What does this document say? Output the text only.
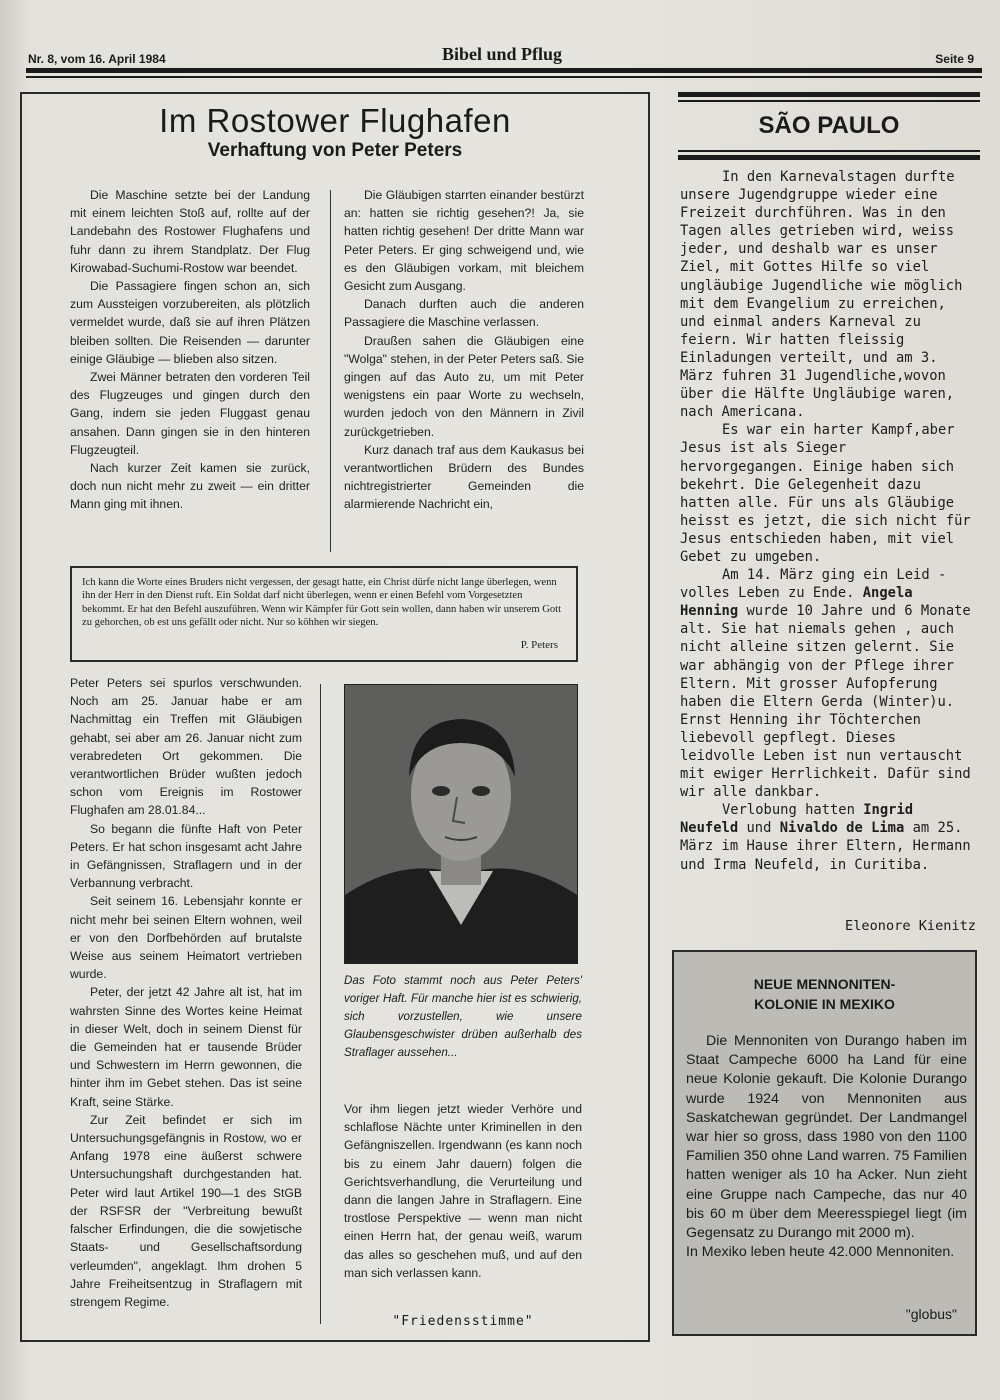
Nr. 8, vom 16. April 1984	Bibel und Pflug	Seite 9
Im Rostower Flughafen
Verhaftung von Peter Peters

Die Maschine setzte bei der Landung mit einem leichten Stoß auf, rollte auf der Landebahn des Rostower Flughafens und fuhr dann zu ihrem Standplatz. Der Flug Kirowabad-Suchumi-Rostow war beendet.

Die Passagiere fingen schon an, sich zum Aussteigen vorzubereiten, als plötzlich vermeldet wurde, daß sie auf ihren Plätzen bleiben sollten. Die Reisenden — darunter einige Gläubige — blieben also sitzen.

Zwei Männer betraten den vorderen Teil des Flugzeuges und gingen durch den Gang, indem sie jeden Fluggast genau ansahen. Dann gingen sie in den hinteren Flugzeugteil.

Nach kurzer Zeit kamen sie zurück, doch nun nicht mehr zu zweit — ein dritter Mann ging mit ihnen.

Die Gläubigen starrten einander bestürzt an: hatten sie richtig gesehen?! Ja, sie hatten richtig gesehen! Der dritte Mann war Peter Peters. Er ging schweigend und, wie es den Gläubigen vorkam, mit bleichem Gesicht zum Ausgang.

Danach durften auch die anderen Passagiere die Maschine verlassen.

Draußen sahen die Gläubigen eine "Wolga" stehen, in der Peter Peters saß. Sie gingen auf das Auto zu, um mit Peter wenigstens ein paar Worte zu wechseln, wurden jedoch von den Männern in Zivil zurückgetrieben.

Kurz danach traf aus dem Kaukasus bei verantwortlichen Brüdern des Bundes nichtregistrierter Gemeinden die alarmierende Nachricht ein,

Ich kann die Worte eines Bruders nicht vergessen, der gesagt hatte, ein Christ dürfe nicht lange überlegen, wenn ihn der Herr in den Dienst ruft. Ein Soldat darf nicht überlegen, wenn er einen Befehl vom Vorgesetzten bekommt. Er hat den Befehl auszuführen. Wenn wir Kämpfer für Gott sein wollen, dann haben wir unserem Gott zu gehorchen, ob est uns gefällt oder nicht. Nur so köhhen wir siegen.
P. Peters

Peter Peters sei spurlos verschwunden. Noch am 25. Januar habe er am Nachmittag ein Treffen mit Gläubigen gehabt, sei aber am 26. Januar nicht zum verabredeten Ort gekommen. Die verantwortlichen Brüder wußten jedoch schon vom Ereignis im Rostower Flughafen am 28.01.84...

So begann die fünfte Haft von Peter Peters. Er hat schon insgesamt acht Jahre in Gefängnissen, Straflagern und in der Verbannung verbracht.

Seit seinem 16. Lebensjahr konnte er nicht mehr bei seinen Eltern wohnen, weil er von den Dorfbehörden auf brutalste Weise aus seinem Heimatort vertrieben wurde.

Peter, der jetzt 42 Jahre alt ist, hat im wahrsten Sinne des Wortes keine Heimat in dieser Welt, doch in seinem Dienst für die Gemeinden hat er tausende Brüder und Schwestern im Herrn gewonnen, die hinter ihm im Gebet stehen. Das ist seine Kraft, seine Stärke.

Zur Zeit befindet er sich im Untersuchungsgefängnis in Rostow, wo er Anfang 1978 eine äußerst schwere Untersuchungshaft durchgestanden hat. Peter wird laut Artikel 190—1 des StGB der RSFSR der "Verbreitung bewußt falscher Erfindungen, die die sowjetische Staats- und Gesellschaftsordung verleumden", angeklagt. Ihm drohen 5 Jahre Freiheitsentzug in Straflagern mit strengem Regime.

Das Foto stammt noch aus Peter Peters' voriger Haft. Für manche hier ist es schwierig, sich vorzustellen, wie unsere Glaubensgeschwister drüben außerhalb des Straflager aussehen...

Vor ihm liegen jetzt wieder Verhöre und schlaflose Nächte unter Kriminellen in den Gefängniszellen. Irgendwann (es kann noch bis zu einem Jahr dauern) folgen die Gerichtsverhandlung, die Verurteilung und dann die langen Jahre in Straflagern. Eine trostlose Perspektive — wenn man nicht einen Herrn hat, der genau weiß, warum das alles so geschehen muß, und auf den man sich verlassen kann.

"Friedensstimme"
SÃO PAULO

In den Karnevalstagen durfte unsere Jugendgruppe wieder eine Freizeit durchführen. Was in den Tagen alles getrieben wird, weiss jeder, und deshalb war es unser Ziel, mit Gottes Hilfe so viel ungläubige Jugendliche wie möglich mit dem Evangelium zu erreichen, und einmal anders Karneval zu feiern. Wir hatten fleissig Einladungen verteilt, und am 3. März fuhren 31 Jugendliche,wovon über die Hälfte Ungläubige waren, nach Americana.

Es war ein harter Kampf,aber Jesus ist als Sieger hervorgegangen. Einige haben sich bekehrt. Die Gelegenheit dazu hatten alle. Für uns als Gläubige heisst es jetzt, die sich nicht für Jesus entschieden haben, mit viel Gebet zu umgeben.

Am 14. März ging ein Leid - volles Leben zu Ende. Angela Henning wurde 10 Jahre und 6 Monate alt. Sie hat niemals gehen , auch nicht alleine sitzen gelernt. Sie war abhängig von der Pflege ihrer Eltern. Mit grosser Aufopferung haben die Eltern Gerda (Winter)u. Ernst Henning ihr Töchterchen liebevoll gepflegt. Dieses leidvolle Leben ist nun vertauscht mit ewiger Herrlichkeit. Dafür sind wir alle dankbar.

Verlobung hatten Ingrid Neufeld und Nivaldo de Lima am 25. März im Hause ihrer Eltern, Hermann und Irma Neufeld, in Curitiba.

Eleonore Kienitz
NEUE MENNONITEN-
KOLONIE IN MEXIKO

Die Mennoniten von Durango haben im Staat Campeche 6000 ha Land für eine neue Kolonie gekauft. Die Kolonie Durango wurde 1924 von Mennoniten aus Saskatchewan gegründet. Der Landmangel war hier so gross, dass 1980 von den 1100 Familien 350 ohne Land warren. 75 Familien hatten weniger als 10 ha Acker. Nun zieht eine Gruppe nach Campeche, das nur 40 bis 60 m über dem Meeresspiegel liegt (im Gegensatz zu Durango mit 2000 m).

In Mexiko leben heute 42.000 Mennoniten.

"globus"
